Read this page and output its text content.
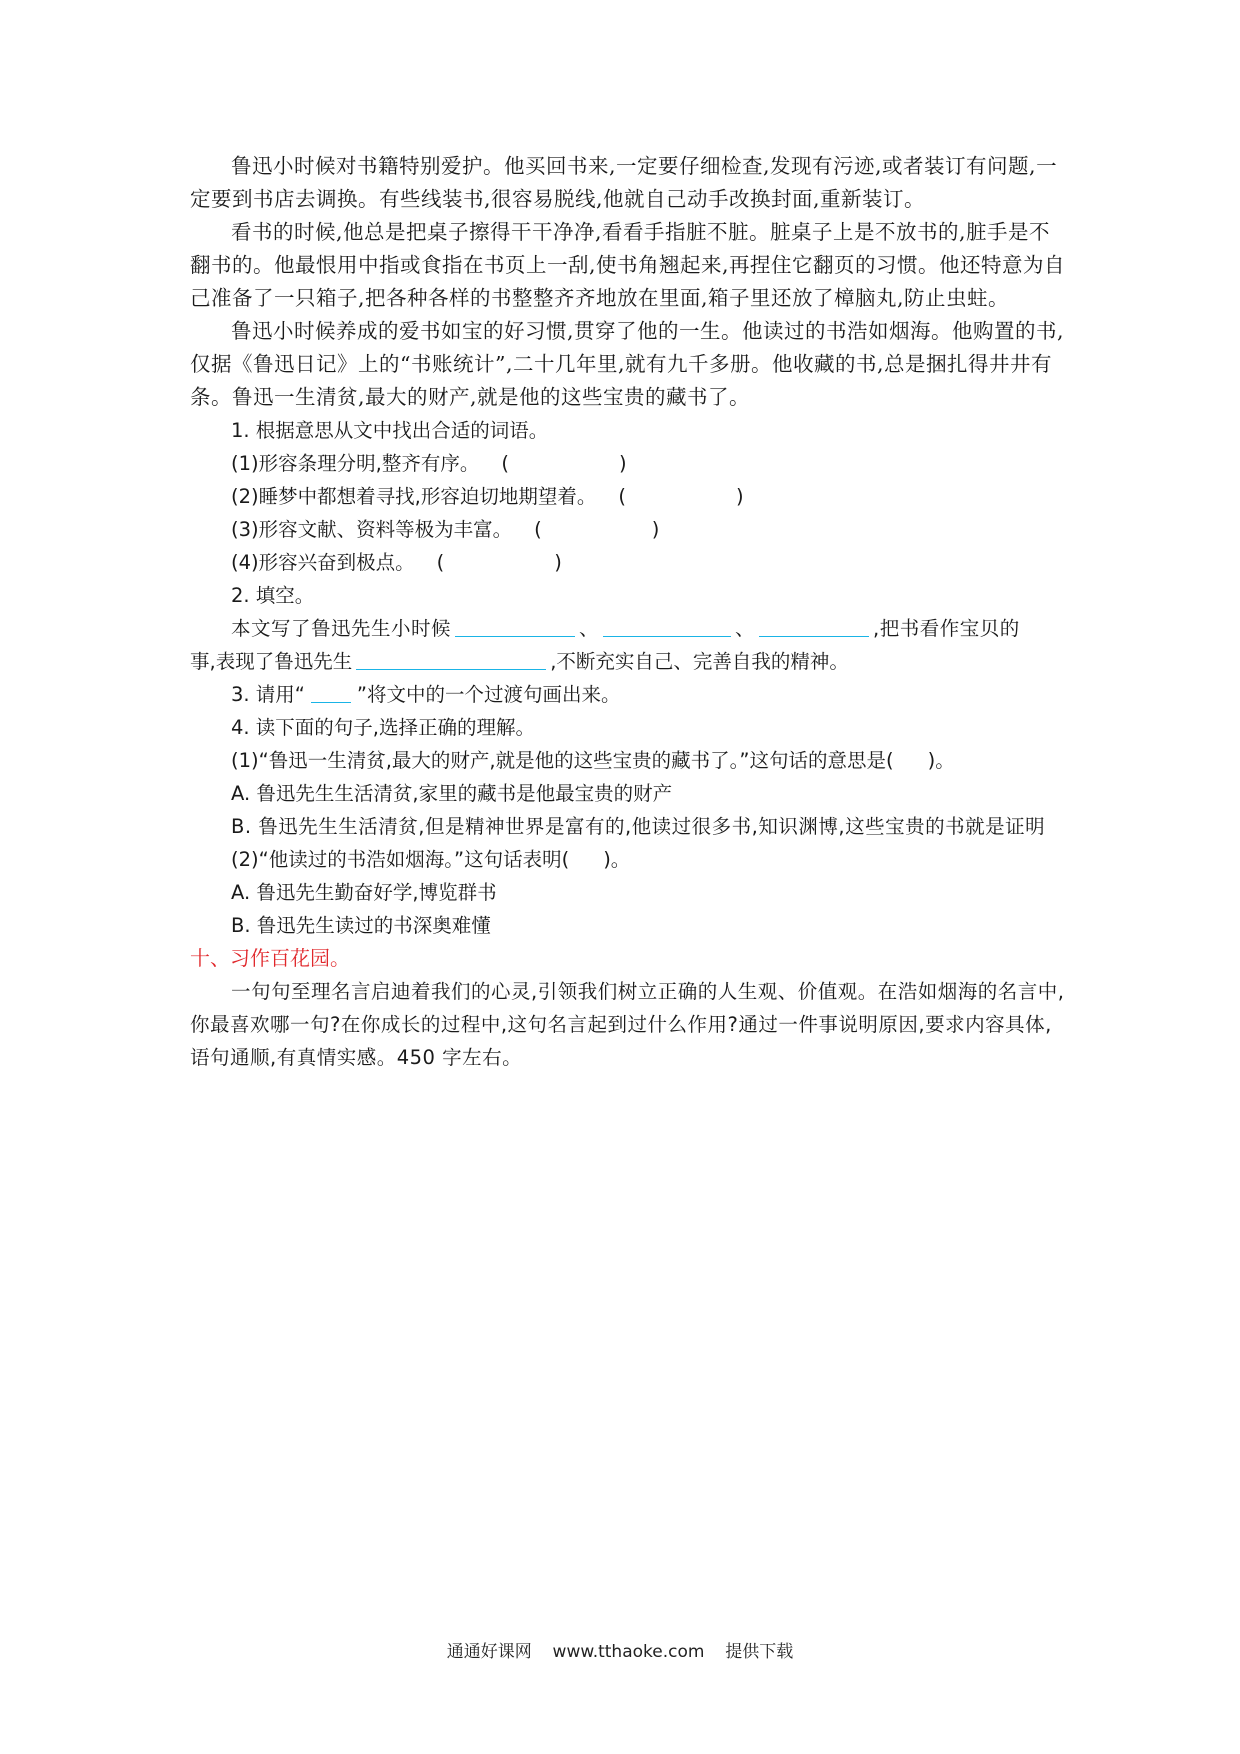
鲁迅小时候对书籍特别爱护。他买回书来,一定要仔细检查,发现有污迹,或者装订有问题,一定要到书店去调换。有些线装书,很容易脱线,他就自己动手改换封面,重新装订。

看书的时候,他总是把桌子擦得干干净净,看看手指脏不脏。脏桌子上是不放书的,脏手是不翻书的。他最恨用中指或食指在书页上一刮,使书角翘起来,再捏住它翻页的习惯。他还特意为自己准备了一只箱子,把各种各样的书整整齐齐地放在里面,箱子里还放了樟脑丸,防止虫蛀。

鲁迅小时候养成的爱书如宝的好习惯,贯穿了他的一生。他读过的书浩如烟海。他购置的书,仅据《鲁迅日记》上的“书账统计”,二十几年里,就有九千多册。他收藏的书,总是捆扎得井井有条。鲁迅一生清贫,最大的财产,就是他的这些宝贵的藏书了。

1. 根据意思从文中找出合适的词语。

(1)形容条理分明,整齐有序。 (	)

(2)睡梦中都想着寻找,形容迫切地期望着。 (	)

(3)形容文献、资料等极为丰富。 (	)

(4)形容兴奋到极点。 (	)

2. 填空。

本文写了鲁迅先生小时候	、	、	,把书看作宝贝的

事,表现了鲁迅先生	,不断充实自己、完善自我的精神。

3. 请用“	”将文中的一个过渡句画出来。

4. 读下面的句子,选择正确的理解。

(1)“鲁迅一生清贫,最大的财产,就是他的这些宝贵的藏书了。”这句话的意思是( )。

A. 鲁迅先生生活清贫,家里的藏书是他最宝贵的财产

B. 鲁迅先生生活清贫,但是精神世界是富有的,他读过很多书,知识渊博,这些宝贵的书就是证明

(2)“他读过的书浩如烟海。”这句话表明( )。

A. 鲁迅先生勤奋好学,博览群书

B. 鲁迅先生读过的书深奥难懂

十、习作百花园。

一句句至理名言启迪着我们的心灵,引领我们树立正确的人生观、价值观。在浩如烟海的名言中,你最喜欢哪一句?在你成长的过程中,这句名言起到过什么作用?通过一件事说明原因,要求内容具体,语句通顺,有真情实感。450 字左右。

通通好课网 www.tthaoke.com 提供下载
